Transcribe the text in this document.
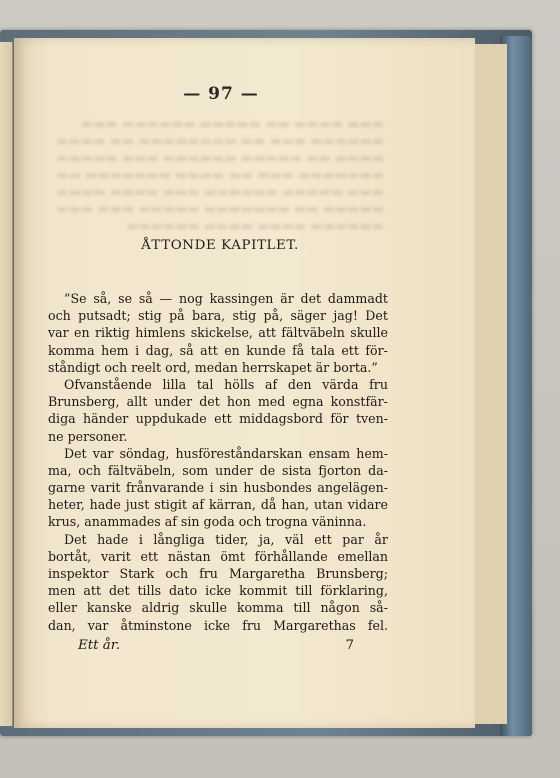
▬▬▬ ▬▬▬▬ ▬▬ ▬▬▬▬▬ ▬▬▬▬▬▬ ▬▬▬
▬▬▬▬▬▬ ▬▬▬ ▬▬ ▬▬▬▬▬▬▬▬ ▬▬ ▬▬▬▬
▬▬▬▬ ▬▬ ▬▬▬▬▬ ▬▬▬▬▬▬ ▬▬▬ ▬▬▬▬▬
▬▬▬▬▬▬▬ ▬▬▬ ▬▬ ▬▬▬▬ ▬▬▬▬▬▬▬ ▬▬
▬▬▬ ▬▬▬▬▬ ▬▬▬▬▬▬ ▬▬▬ ▬▬▬▬ ▬▬▬▬
▬▬▬▬▬ ▬▬ ▬▬▬▬▬▬▬ ▬▬▬▬▬ ▬▬▬ ▬▬▬
▬▬▬▬▬▬ ▬▬▬▬ ▬▬▬▬ ▬▬▬▬▬▬
— 97 —
ÅTTONDE KAPITLET.
”Se så, se så — nog kassingen är det dammadt
och putsadt; stig på bara, stig på, säger jag! Det
var en riktig himlens skickelse, att fältväbeln skulle
komma hem i dag, så att en kunde få tala ett för-
ståndigt och reelt ord, medan herrskapet är borta.”
Ofvanstående lilla tal hölls af den värda fru
Brunsberg, allt under det hon med egna konstfär-
diga händer uppdukade ett middagsbord för tven-
ne personer.
Det var söndag, husföreståndarskan ensam hem-
ma, och fältväbeln, som under de sista fjorton da-
garne varit frånvarande i sin husbondes angelägen-
heter, hade just stigit af kärran, då han, utan vidare
krus, anammades af sin goda och trogna väninna.
Det hade i långliga tider, ja, väl ett par år
bortåt, varit ett nästan ömt förhållande emellan
inspektor Stark och fru Margaretha Brunsberg;
men att det tills dato icke kommit till förklaring,
eller kanske aldrig skulle komma till någon så-
dan, var åtminstone icke fru Margarethas fel.
Ett år.	7
